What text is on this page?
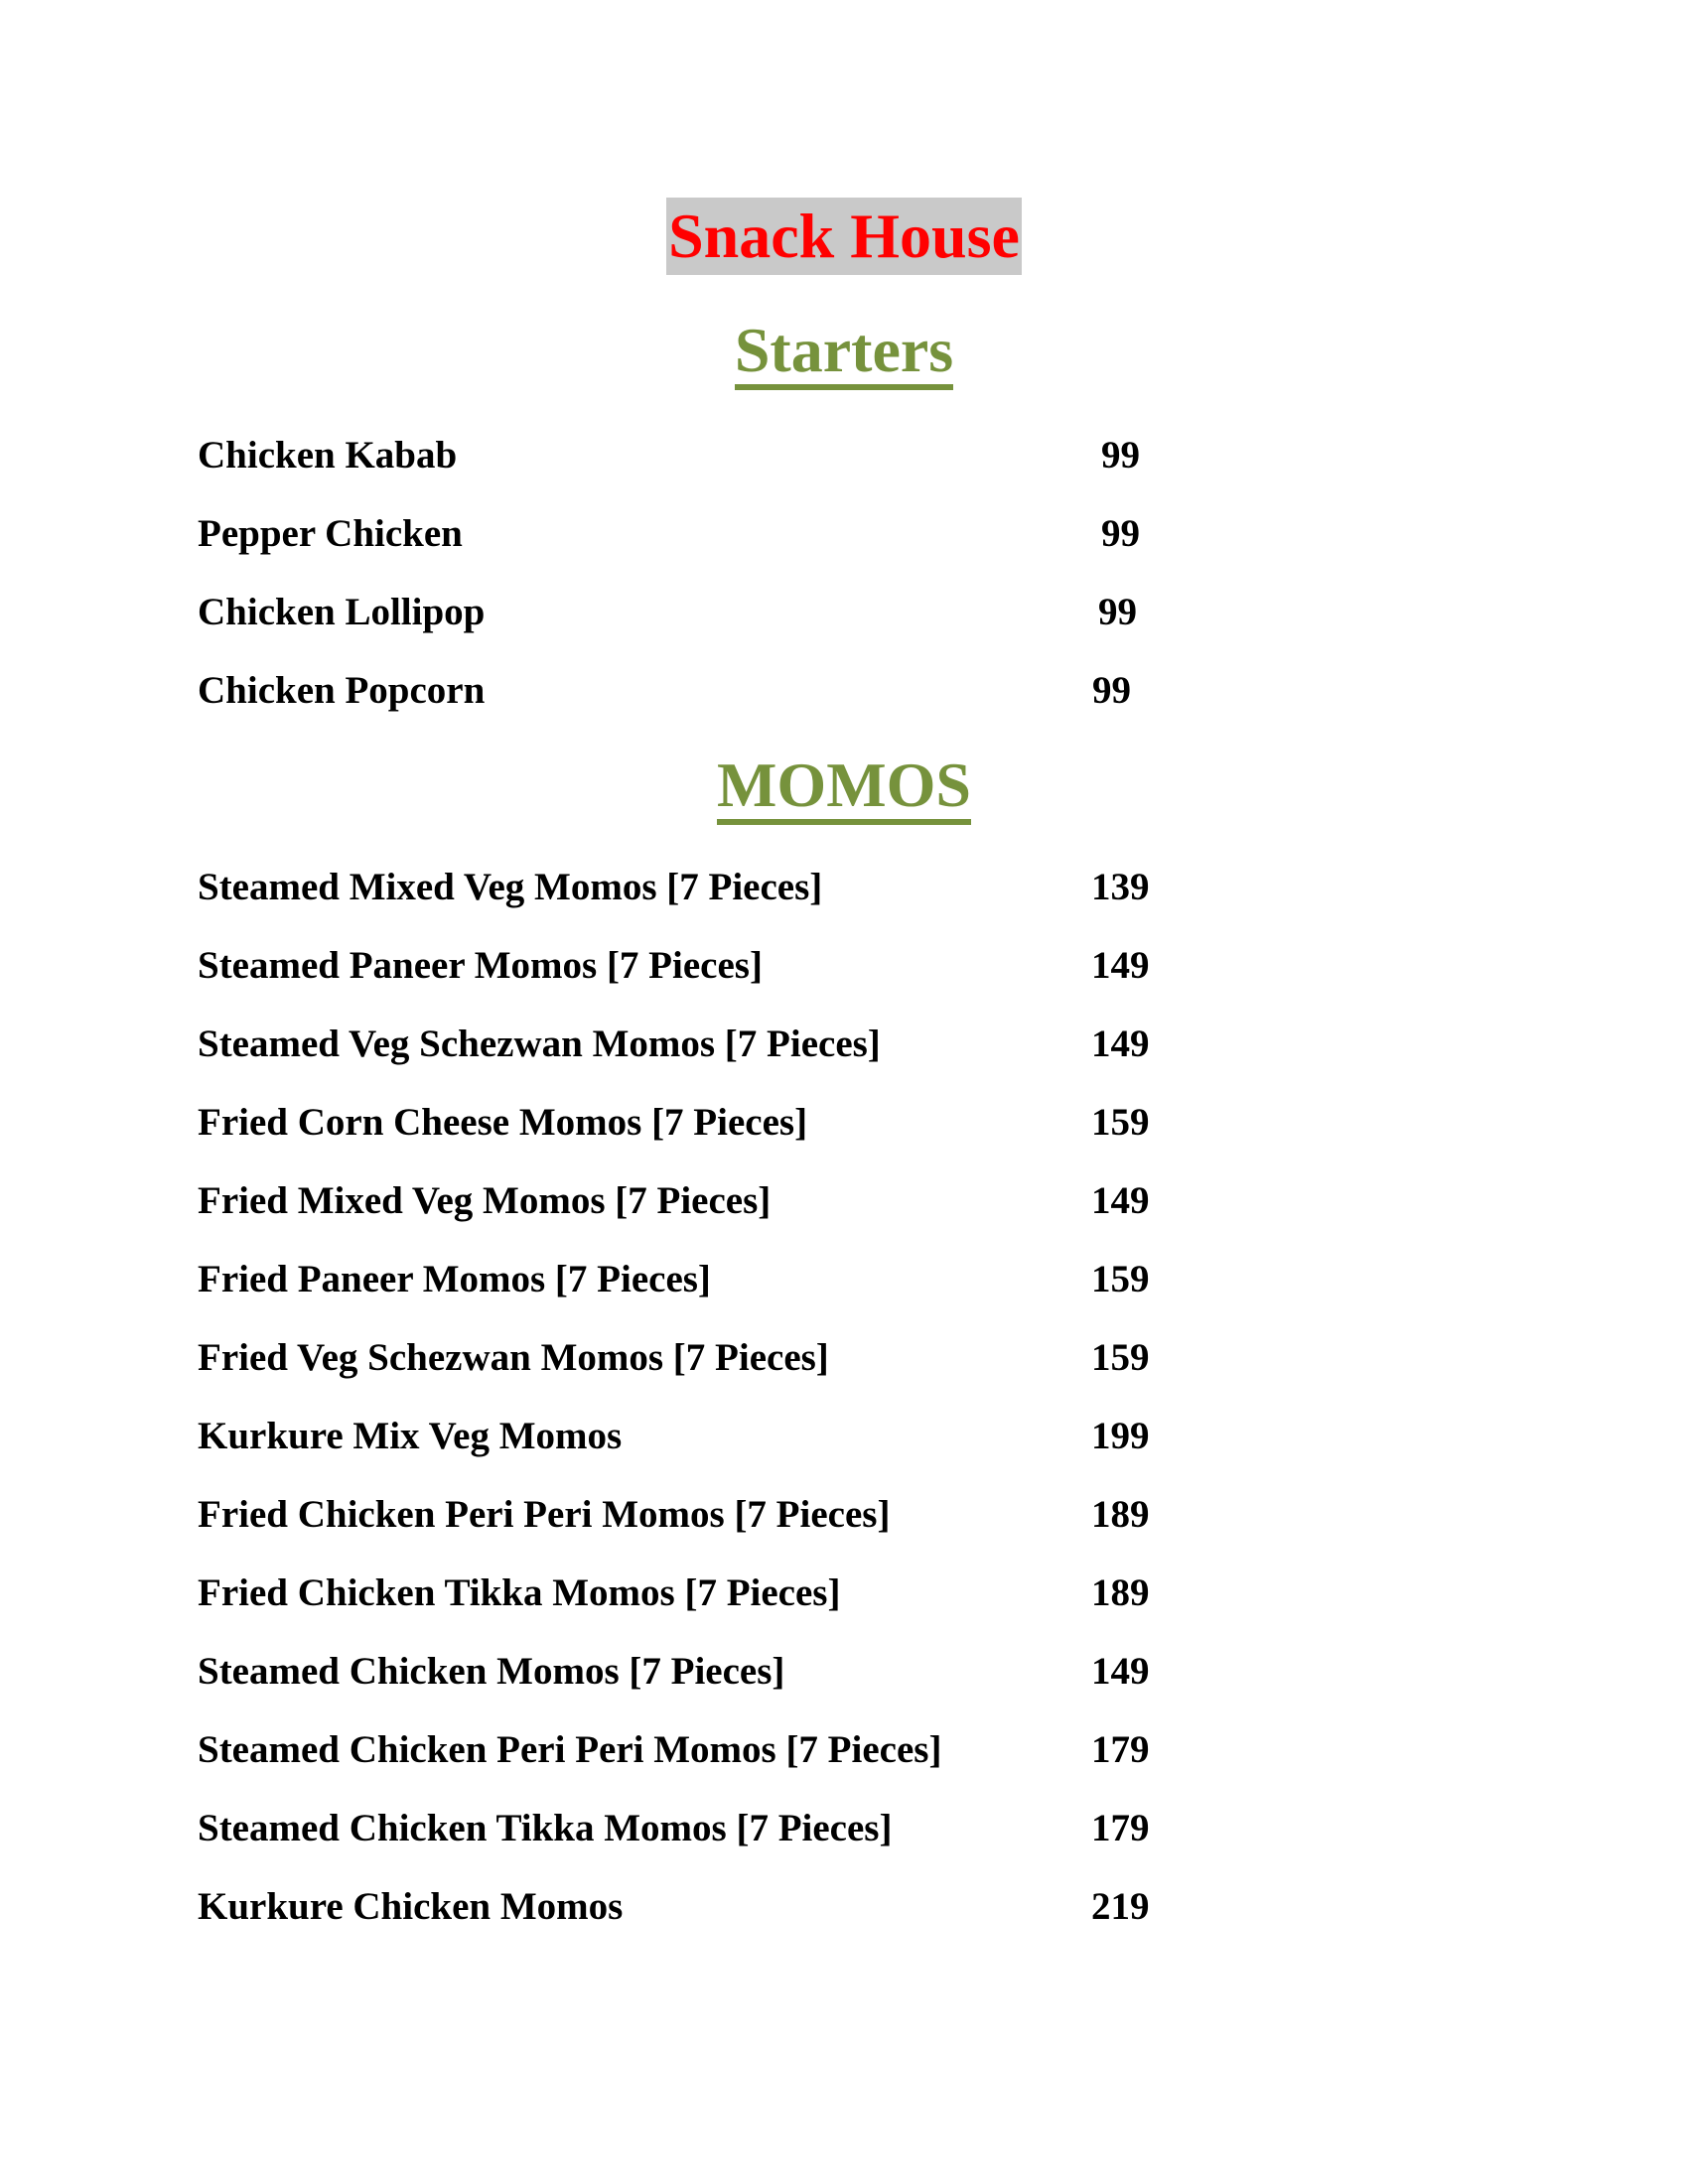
Snack House
Starters
Chicken Kabab	99
Pepper Chicken	99
Chicken Lollipop	99
Chicken Popcorn	99
MOMOS
Steamed Mixed Veg Momos [7 Pieces]	139
Steamed Paneer Momos [7 Pieces]	149
Steamed Veg Schezwan Momos [7 Pieces]	149
Fried Corn Cheese Momos [7 Pieces]	159
Fried Mixed Veg Momos [7 Pieces]	149
Fried Paneer Momos [7 Pieces]	159
Fried Veg Schezwan Momos [7 Pieces]	159
Kurkure Mix Veg Momos	199
Fried Chicken Peri Peri Momos [7 Pieces]	189
Fried Chicken Tikka Momos [7 Pieces]	189
Steamed Chicken Momos [7 Pieces]	149
Steamed Chicken Peri Peri Momos [7 Pieces]	179
Steamed Chicken Tikka Momos [7 Pieces]	179
Kurkure Chicken Momos	219
